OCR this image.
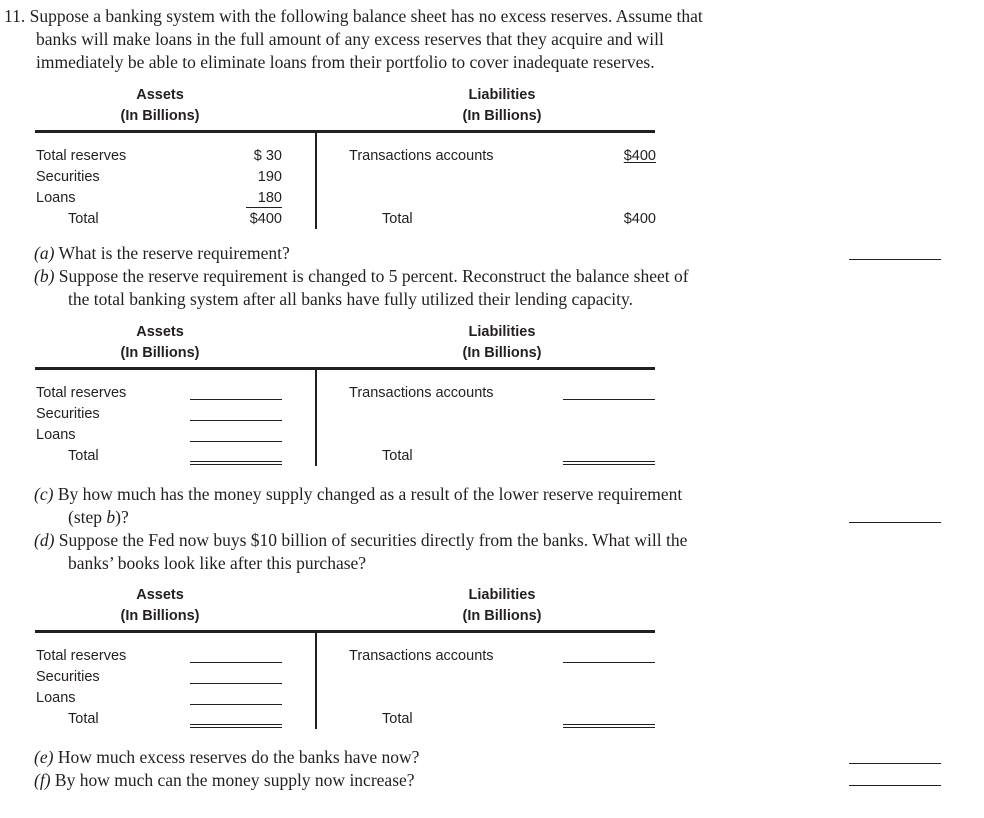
11. Suppose a banking system with the following balance sheet has no excess reserves. Assume that
banks will make loans in the full amount of any excess reserves that they acquire and will
immediately be able to eliminate loans from their portfolio to cover inadequate reserves.
Assets
(In Billions)
Liabilities
(In Billions)
Total reserves
Securities
Loans
Total
$ 30
190
180
$400
Transactions accounts
Total
$400
$400
(a) What is the reserve requirement?
(b) Suppose the reserve requirement is changed to 5 percent. Reconstruct the balance sheet of
the total banking system after all banks have fully utilized their lending capacity.
Assets
(In Billions)
Liabilities
(In Billions)
Total reserves
Securities
Loans
Total
Transactions accounts
Total
(c) By how much has the money supply changed as a result of the lower reserve requirement
(step b)?
(d) Suppose the Fed now buys $10 billion of securities directly from the banks. What will the
banks’ books look like after this purchase?
Assets
(In Billions)
Liabilities
(In Billions)
Total reserves
Securities
Loans
Total
Transactions accounts
Total
(e) How much excess reserves do the banks have now?
(f) By how much can the money supply now increase?
